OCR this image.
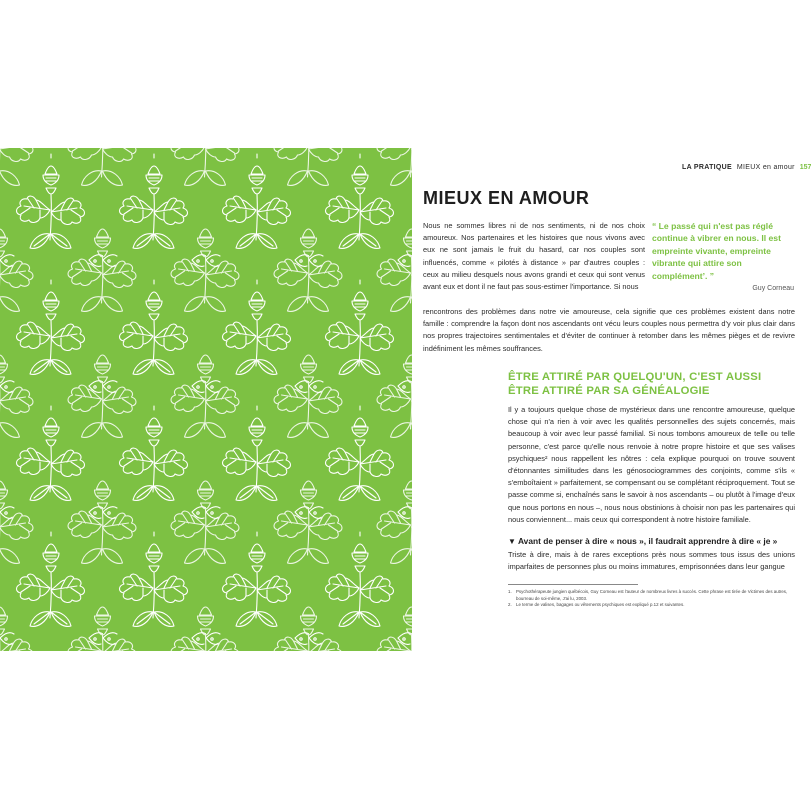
LA PRATIQUE MIEUX en amour 157
MIEUX EN AMOUR

Nous ne sommes libres ni de nos sentiments, ni de nos choix amoureux. Nos partenaires et les histoires que nous vivons avec eux ne sont jamais le fruit du hasard, car nos couples sont influencés, comme « pilotés à distance » par d'autres couples : ceux au milieu desquels nous avons grandi et ceux qui sont venus avant eux et dont il ne faut pas sous-estimer l'importance. Si nous

“ Le passé qui n'est pas réglé continue à vibrer en nous. Il est empreinte vivante, empreinte vibrante qui attire son complément’. ”

Guy Corneau

rencontrons des problèmes dans notre vie amoureuse, cela signifie que ces problèmes existent dans notre famille : comprendre la façon dont nos ascendants ont vécu leurs couples nous permettra d'y voir plus clair dans nos propres trajectoires sentimentales et d'éviter de continuer à retomber dans les mêmes pièges et de revivre indéfiniment les mêmes souffrances.

ÊTRE ATTIRÉ PAR QUELQU'UN, C'EST AUSSI ÊTRE ATTIRÉ PAR SA GÉNÉALOGIE

Il y a toujours quelque chose de mystérieux dans une rencontre amoureuse, quelque chose qui n'a rien à voir avec les qualités personnelles des sujets concernés, mais beaucoup à voir avec leur passé familial. Si nous tombons amoureux de telle ou telle personne, c'est parce qu'elle nous renvoie à notre propre histoire et que ses valises psychiques² nous rappellent les nôtres : cela explique pourquoi on trouve souvent d'étonnantes similitudes dans les génosociogrammes des conjoints, comme s'ils « s'emboîtaient » parfaitement, se compensant ou se complétant réciproquement. Tout se passe comme si, enchaînés sans le savoir à nos ascendants – ou plutôt à l'image d'eux que nous portons en nous –, nous nous obstinions à choisir non pas les partenaires qui nous conviennent... mais ceux qui correspondent à notre histoire familiale.

▼ Avant de penser à dire « nous », il faudrait apprendre à dire « je »

Triste à dire, mais à de rares exceptions près nous sommes tous issus des unions imparfaites de personnes plus ou moins immatures, emprisonnées dans leur gangue

1. Psychothérapeute jungien québécois, Guy Corneau est l'auteur de nombreux livres à succès. Cette phrase est tirée de Victimes des autres, bourreau de soi-même, J'ai lu, 2003.
2. Le terme de valises, bagages ou vêtements psychiques est expliqué p.12 et suivantes.
